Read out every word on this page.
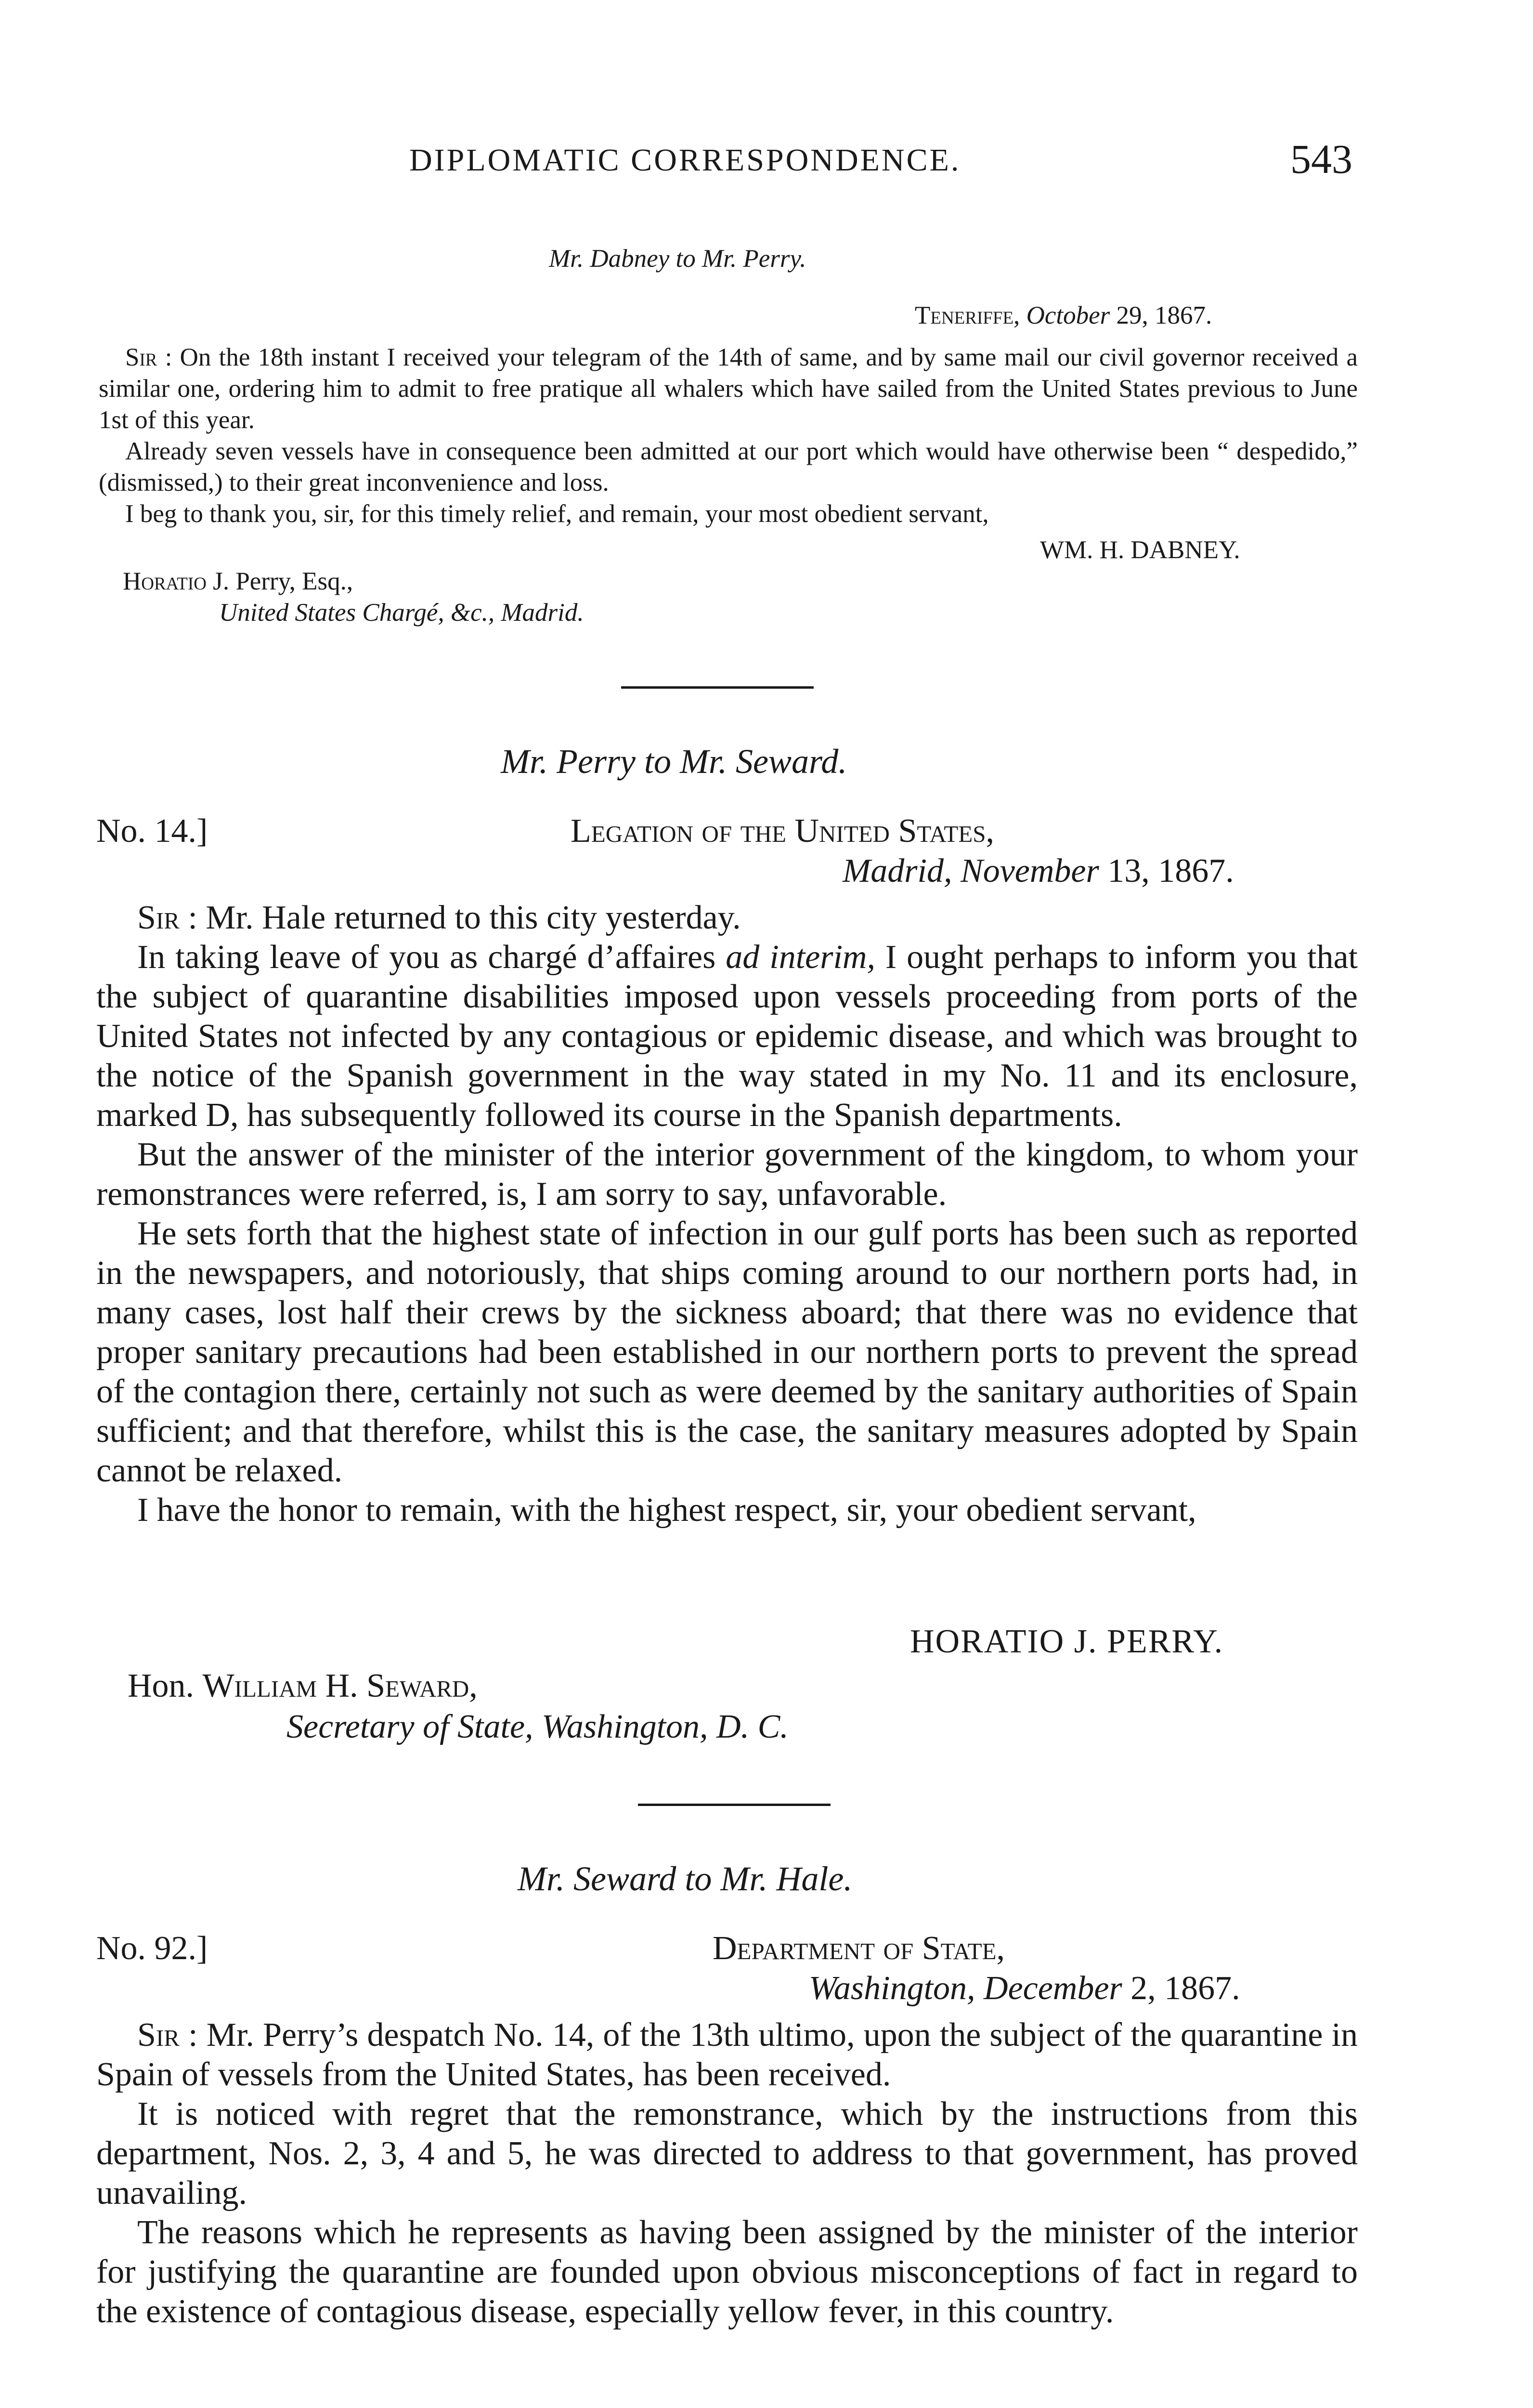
DIPLOMATIC CORRESPONDENCE.	543
Mr. Dabney to Mr. Perry.
Teneriffe, October 29, 1867.

Sir : On the 18th instant I received your telegram of the 14th of same, and by same mail our civil governor received a similar one, ordering him to admit to free pratique all whalers which have sailed from the United States previous to June 1st of this year.

Already seven vessels have in consequence been admitted at our port which would have otherwise been “ despedido,” (dismissed,) to their great inconvenience and loss.

I beg to thank you, sir, for this timely relief, and remain, your most obedient servant,

WM. H. DABNEY.
Horatio J. Perry, Esq.,
United States Chargé, &c., Madrid.
Mr. Perry to Mr. Seward.
No. 14.]	Legation of the United States,
Madrid, November 13, 1867.

Sir : Mr. Hale returned to this city yesterday.

In taking leave of you as chargé d’affaires ad interim, I ought perhaps to inform you that the subject of quarantine disabilities imposed upon vessels proceeding from ports of the United States not infected by any contagious or epidemic disease, and which was brought to the notice of the Spanish government in the way stated in my No. 11 and its enclosure, marked D, has subsequently followed its course in the Spanish departments.

But the answer of the minister of the interior government of the kingdom, to whom your remonstrances were referred, is, I am sorry to say, unfavorable.

He sets forth that the highest state of infection in our gulf ports has been such as reported in the newspapers, and notoriously, that ships coming around to our northern ports had, in many cases, lost half their crews by the sickness aboard; that there was no evidence that proper sanitary precautions had been established in our northern ports to prevent the spread of the contagion there, certainly not such as were deemed by the sanitary authorities of Spain sufficient; and that therefore, whilst this is the case, the sanitary measures adopted by Spain cannot be relaxed.

I have the honor to remain, with the highest respect, sir, your obedient servant,

HORATIO J. PERRY.
Hon. William H. Seward,
Secretary of State, Washington, D. C.
Mr. Seward to Mr. Hale.
No. 92.]	Department of State,
Washington, December 2, 1867.

Sir : Mr. Perry’s despatch No. 14, of the 13th ultimo, upon the subject of the quarantine in Spain of vessels from the United States, has been received.

It is noticed with regret that the remonstrance, which by the instructions from this department, Nos. 2, 3, 4 and 5, he was directed to address to that government, has proved unavailing.

The reasons which he represents as having been assigned by the minister of the interior for justifying the quarantine are founded upon obvious misconceptions of fact in regard to the existence of contagious disease, especially yellow fever, in this country.
